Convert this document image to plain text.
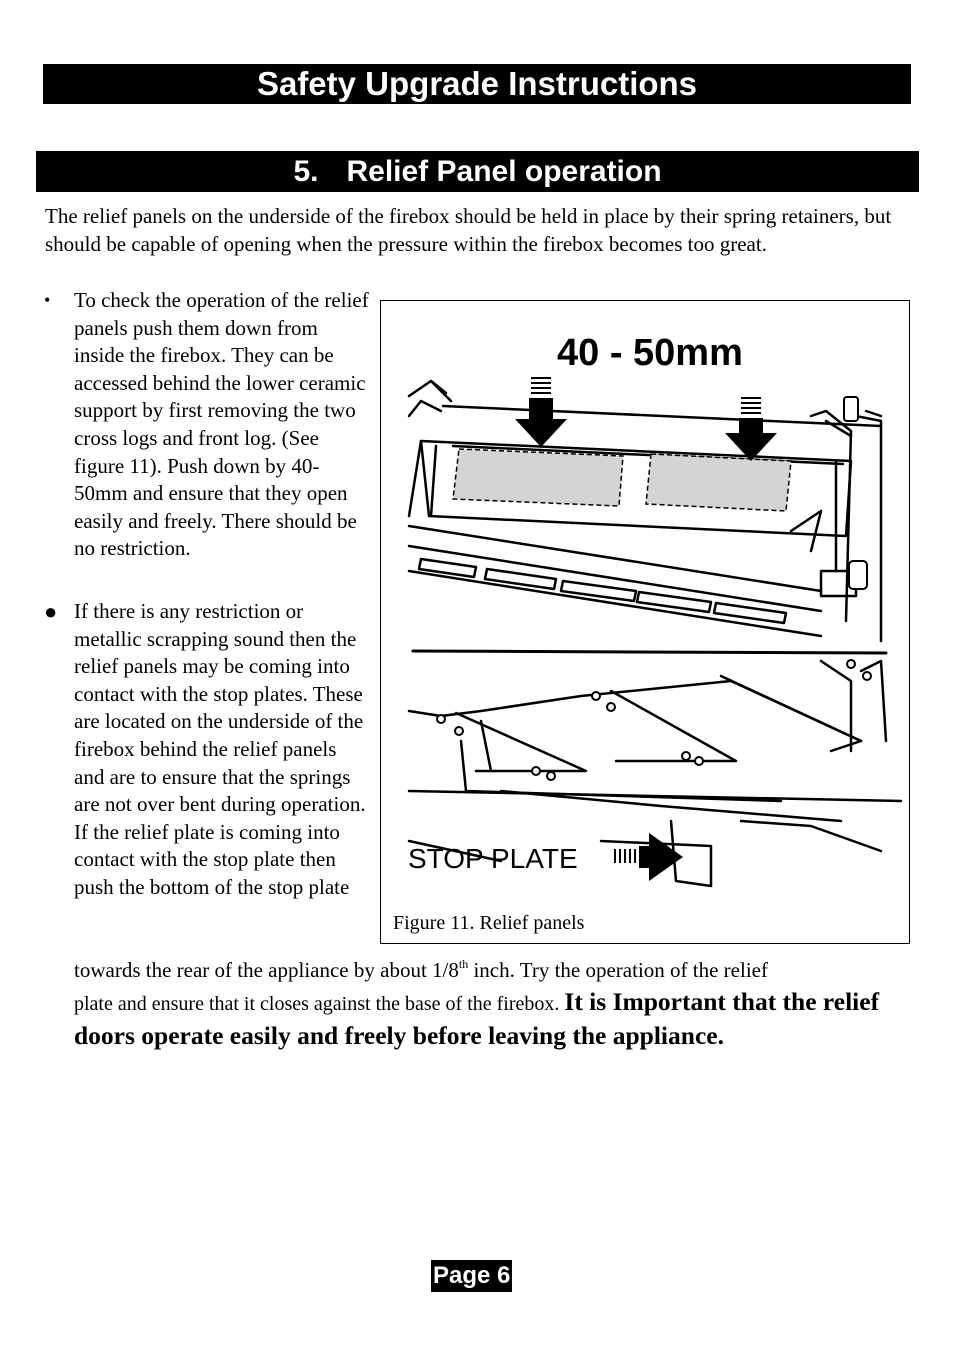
Safety Upgrade Instructions
5. Relief Panel operation
The relief panels on the underside of the firebox should be held in place by their spring retainers, but should be capable of opening when the pressure within the firebox becomes too great.
• To check the operation of the relief panels push them down from inside the firebox. They can be accessed behind the lower ceramic support by first removing the two cross logs and front log. (See figure 11). Push down by 40-50mm and ensure that they open easily and freely. There should be no restriction.
● If there is any restriction or metallic scrapping sound then the relief panels may be coming into contact with the stop plates. These are located on the underside of the firebox behind the relief panels and are to ensure that the springs are not over bent during operation. If the relief plate is coming into contact with the stop plate then push the bottom of the stop plate
towards the rear of the appliance by about 1/8th inch. Try the operation of the relief
plate and ensure that it closes against the base of the firebox. It is Important that the relief doors operate easily and freely before leaving the appliance.
40 - 50mm
STOP PLATE
Figure 11. Relief panels
Page 6
